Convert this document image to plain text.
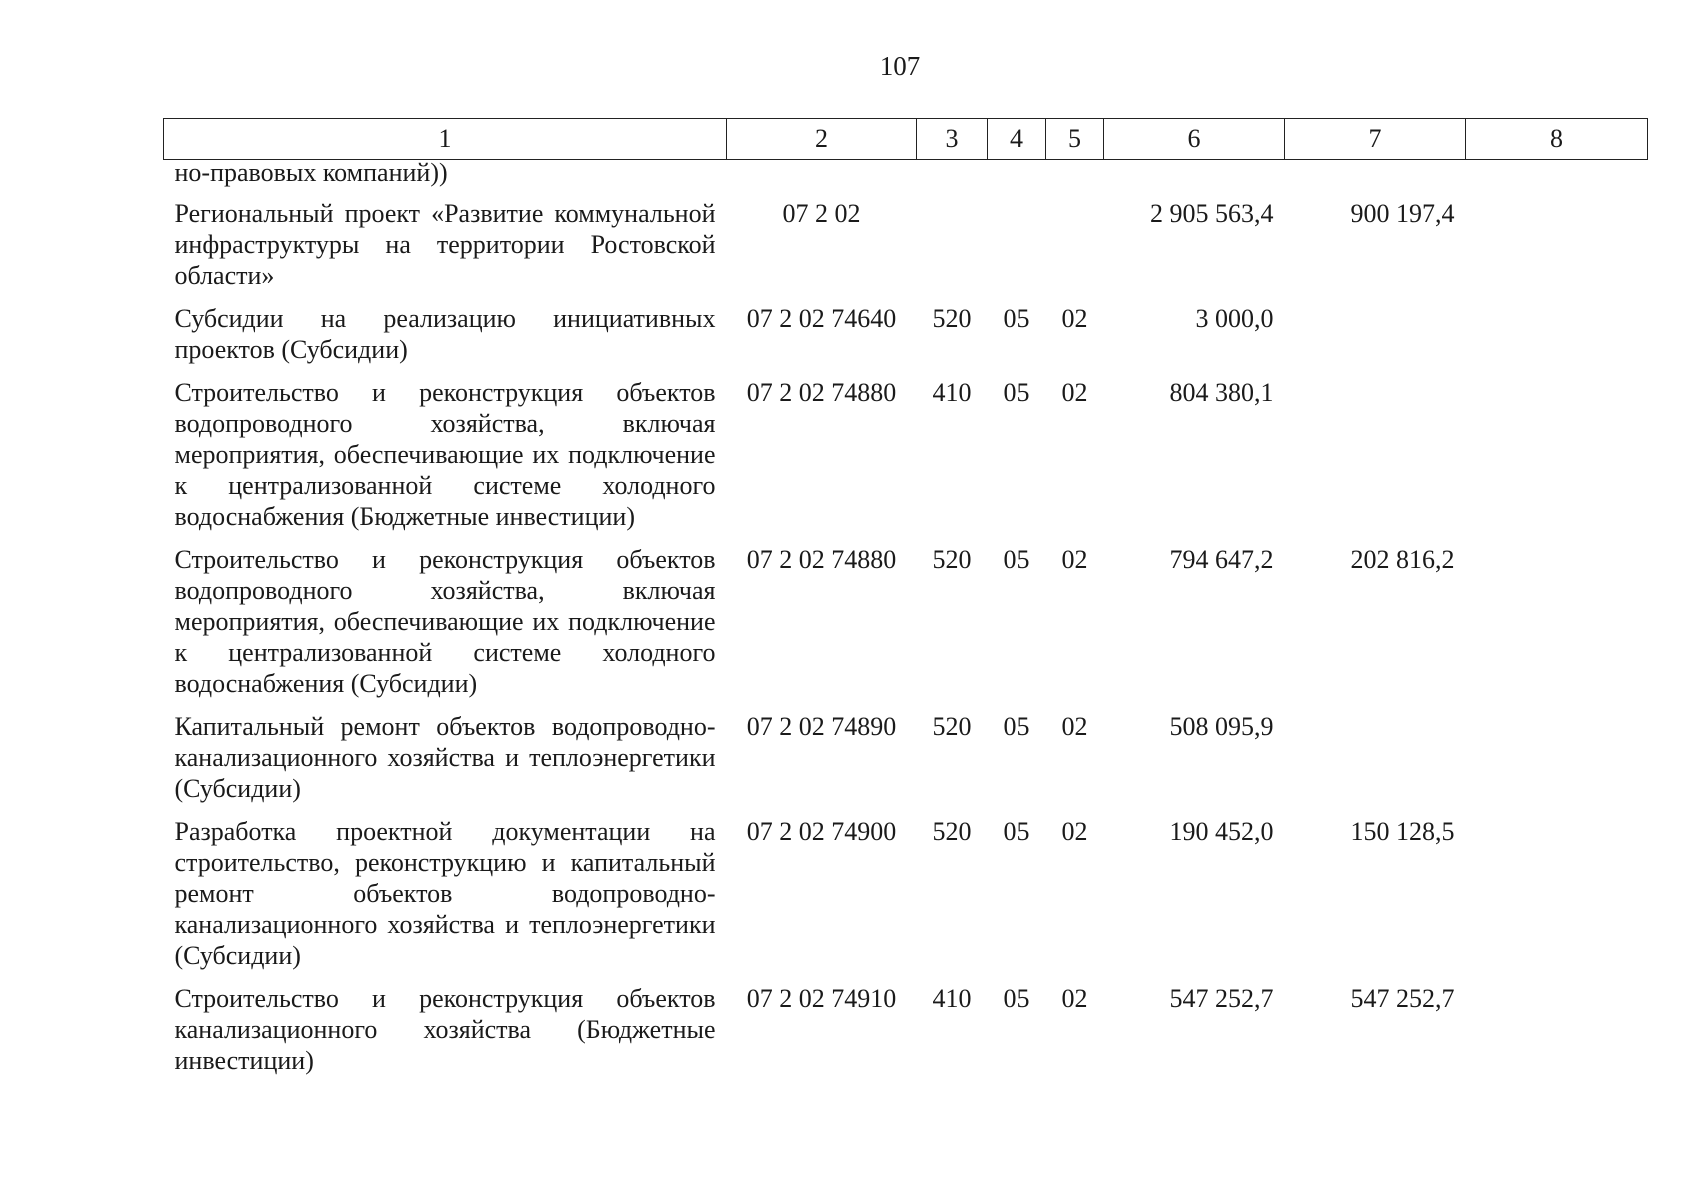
107
1	2	3	4	5	6	7	8
но-правовых компаний))							
Региональный проект «Развитие коммунальной инфраструктуры на территории Ростовской области»	07 2 02				2 905 563,4	900 197,4	
Субсидии на реализацию инициативных проектов (Субсидии)	07 2 02 74640	520	05	02	3 000,0		
Строительство и реконструкция объектов водопроводного хозяйства, включая мероприятия, обеспечивающие их подключение к централизованной системе холодного водоснабжения (Бюджетные инвестиции)	07 2 02 74880	410	05	02	804 380,1		
Строительство и реконструкция объектов водопроводного хозяйства, включая мероприятия, обеспечивающие их подключение к централизованной системе холодного водоснабжения (Субсидии)	07 2 02 74880	520	05	02	794 647,2	202 816,2	
Капитальный ремонт объектов водопроводно-канализационного хозяйства и теплоэнергетики (Субсидии)	07 2 02 74890	520	05	02	508 095,9		
Разработка проектной документации на строительство, реконструкцию и капитальный ремонт объектов водопроводно-канализационного хозяйства и теплоэнергетики (Субсидии)	07 2 02 74900	520	05	02	190 452,0	150 128,5	
Строительство и реконструкция объектов канализационного хозяйства (Бюджетные инвестиции)	07 2 02 74910	410	05	02	547 252,7	547 252,7	
